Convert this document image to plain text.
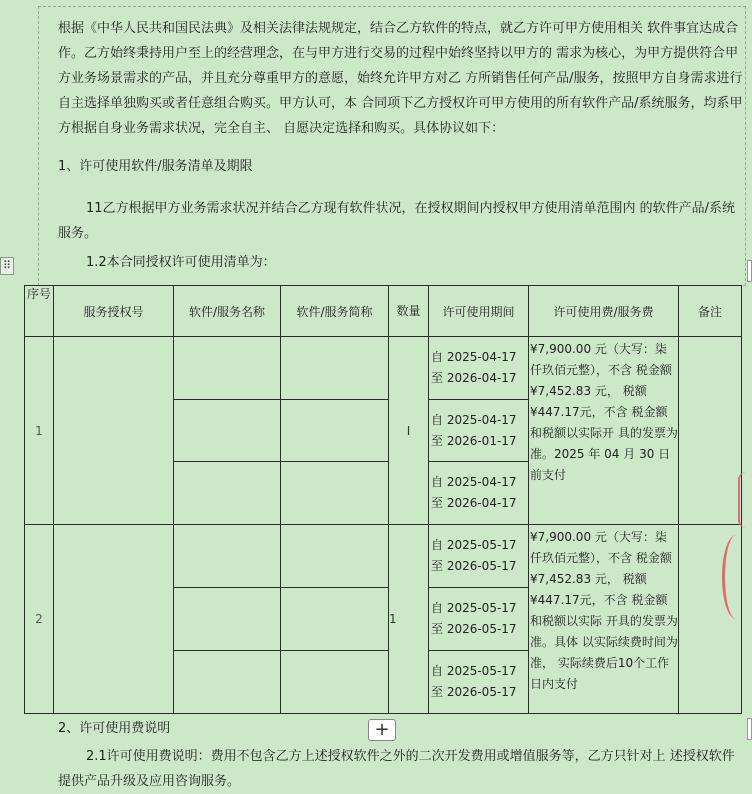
根据《中华人民共和国民法典》及相关法律法规规定，结合乙方软件的特点，就乙方许可甲方使用相关 软件事宜达成合作。乙方始终秉持用户至上的经营理念，在与甲方进行交易的过程中始终坚持以甲方的 需求为核心，为甲方提供符合甲方业务场景需求的产品，并且充分尊重甲方的意愿，始终允许甲方对乙 方所销售任何产品/服务，按照甲方自身需求进行自主选择单独购买或者任意组合购买。甲方认可，本 合同项下乙方授权许可甲方使用的所有软件产品/系统服务，均系甲方根据自身业务需求状况，完全自主、 自愿决定选择和购买。具体协议如下：

1、许可使用软件/服务清单及期限

11乙方根据甲方业务需求状况并结合乙方现有软件状况，在授权期间内授权甲方使用清单范围内 的软件产品/系统服务。

1.2本合同授权许可使用清单为：

⠿
序号	服务授权号	软件/服务名称	软件/服务简称	数量	许可使用期间	许可使用费/服务费	备注
1				I	自 2025-04-17
至 2026-04-17	¥7,900.00 元（大写：柒仟玖佰元整），不含 税金额¥7,452.83 元， 税额¥447.17元，不含 税金额和税额以实际开 具的发票为准。2025 年 04 月 30 日前支付	

					自 2025-04-17
至 2026-01-17		

					自 2025-04-17
至 2026-04-17		

2				1	自 2025-05-17
至 2026-05-17	¥7,900.00 元（大写：柒仟玖佰元整），不含 税金额¥7,452.83 元， 税额¥447.17元，不含 税金额和税额以实际 开具的发票为准。具体 以实际续费时间为准， 实际续费后10个工作 日内支付	

					自 2025-05-17
至 2026-05-17		

					自 2025-05-17
至 2026-05-17		

2、许可使用费说明	+

2.1许可使用费说明：费用不包含乙方上述授权软件之外的二次开发费用或增值服务等，乙方只针对上 述授权软件提供产品升级及应用咨询服务。
